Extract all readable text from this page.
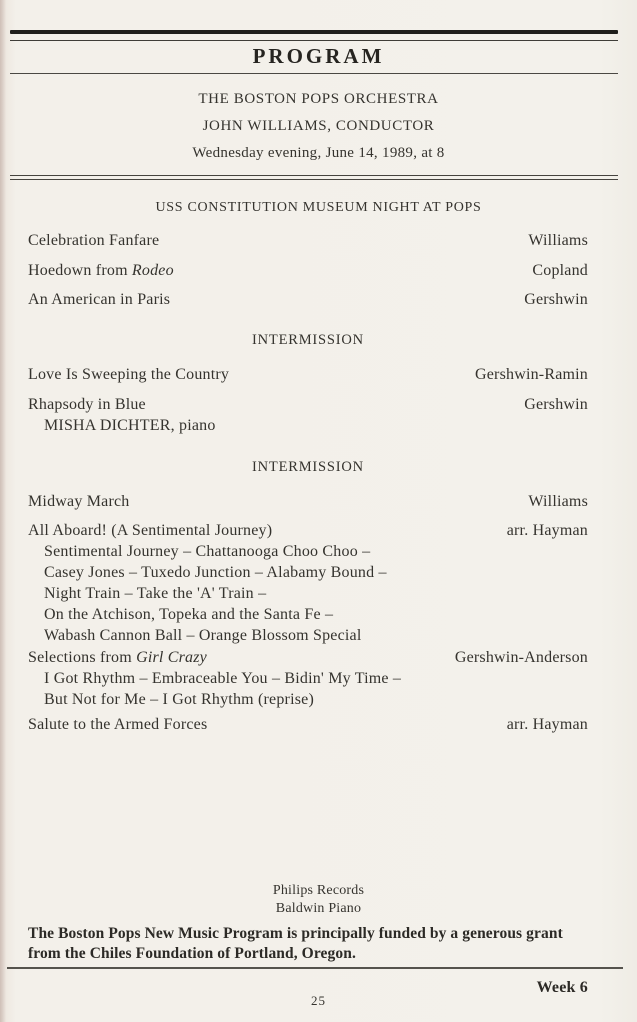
PROGRAM
THE BOSTON POPS ORCHESTRA
JOHN WILLIAMS, CONDUCTOR
Wednesday evening, June 14, 1989, at 8
USS CONSTITUTION MUSEUM NIGHT AT POPS
Celebration Fanfare	Williams
Hoedown from Rodeo	Copland
An American in Paris	Gershwin
INTERMISSION
Love Is Sweeping the Country	Gershwin-Ramin
Rhapsody in Blue	Gershwin
MISHA DICHTER, piano
INTERMISSION
Midway March	Williams
All Aboard! (A Sentimental Journey)	arr. Hayman
Sentimental Journey – Chattanooga Choo Choo –
Casey Jones – Tuxedo Junction – Alabamy Bound –
Night Train – Take the 'A' Train –
On the Atchison, Topeka and the Santa Fe –
Wabash Cannon Ball – Orange Blossom Special
Selections from Girl Crazy	Gershwin-Anderson
I Got Rhythm – Embraceable You – Bidin' My Time –
But Not for Me – I Got Rhythm (reprise)
Salute to the Armed Forces	arr. Hayman
Philips Records
Baldwin Piano
The Boston Pops New Music Program is principally funded by a generous grant from the Chiles Foundation of Portland, Oregon.
Week 6
25
